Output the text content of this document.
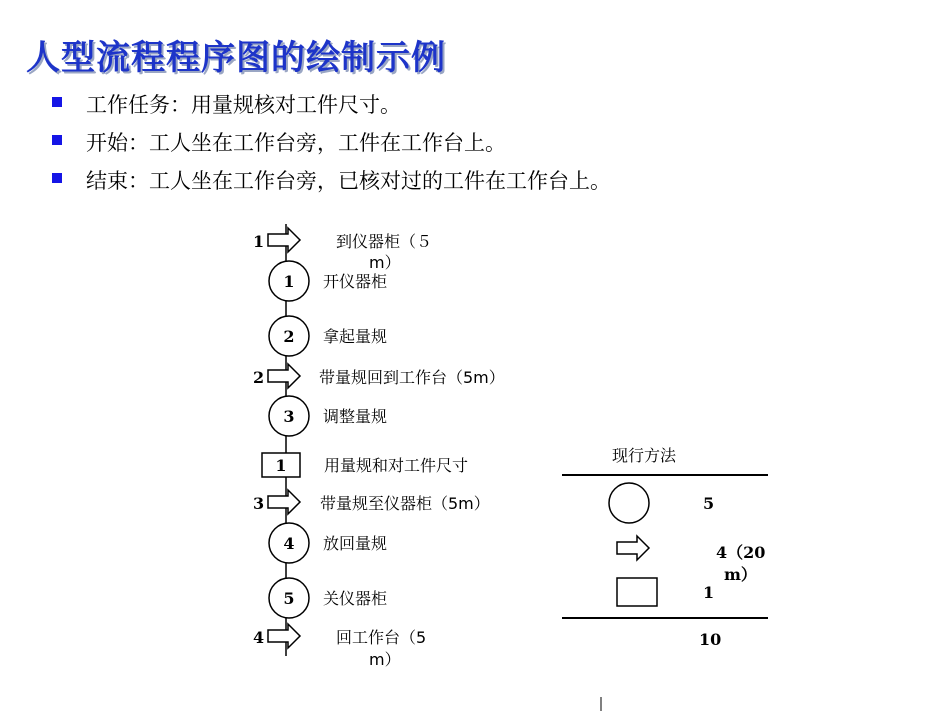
人型流程程序图的绘制示例
工作任务：用量规核对工件尺寸。
开始：工人坐在工作台旁，工件在工作台上。
结束：工人坐在工作台旁，已核对过的工件在工作台上。
1	到仪器柜（５
m）
1 开仪器柜
2 拿起量规
2	带量规回到工作台（5m）
3 调整量规
1 用量规和对工件尺寸
3	带量规至仪器柜（5m）
4 放回量规
5 关仪器柜
4	回工作台（5
m）
现行方法
5
4（20
m）
1
10
